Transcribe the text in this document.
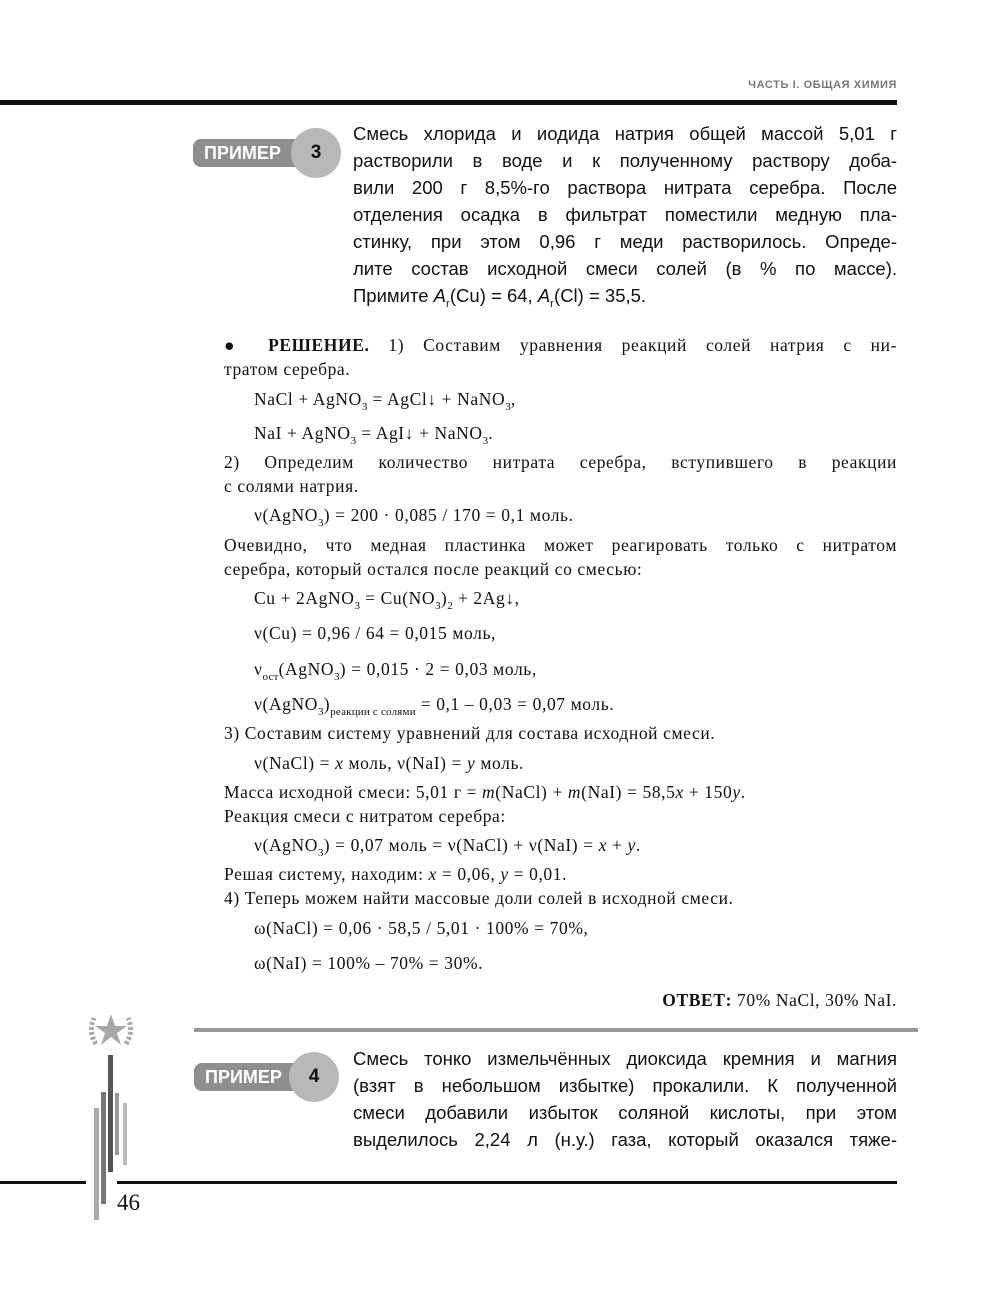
ЧАСТЬ I. ОБЩАЯ ХИМИЯ
ПРИМЕР	3
Смесь хлорида и иодида натрия общей массой 5,01 г
растворили в воде и к полученному раствору доба-
вили 200 г 8,5%-го раствора нитрата серебра. После
отделения осадка в фильтрат поместили медную пла-
стинку, при этом 0,96 г меди растворилось. Опреде-
лите состав исходной смеси солей (в % по массе).
Примите $A_r(Cu) = 64$, $A_r(Cl) = 35,5$.
● РЕШЕНИЕ. 1) Составим уравнения реакций солей натрия с ни-
тратом серебра.
NaCl + AgNO$_3$ = AgCl↓ + NaNO$_3$,
NaI + AgNO$_3$ = AgI↓ + NaNO$_3$.
2) Определим количество нитрата серебра, вступившего в реакции
с солями натрия.
ν(AgNO$_3$) = 200 · 0,085 / 170 = 0,1 моль.
Очевидно, что медная пластинка может реагировать только с нитратом
серебра, который остался после реакций со смесью:
Cu + 2AgNO$_3$ = $Cu(NO_3)_2$ + 2Ag↓,
ν(Cu) = 0,96 / 64 = 0,015 моль,
$\nu_{ост}(AgNO_3) = 0,015 \cdot 2 = 0,03$ моль,
$\nu(AgNO_3)_{реакции с солями} = 0,1 - 0,03 = 0,07$ моль.
3) Составим систему уравнений для состава исходной смеси.
ν(NaCl) = x моль, ν(NaI) = y моль.
Масса исходной смеси: 5,01 г = m(NaCl) + m(NaI) = 58,5x + 150y.
Реакция смеси с нитратом серебра:
ν(AgNO$_3$) = 0,07 моль = ν(NaCl) + ν(NaI) = x + y.
Решая систему, находим: x = 0,06, y = 0,01.
4) Теперь можем найти массовые доли солей в исходной смеси.
ω(NaCl) = 0,06 · 58,5 / 5,01 · 100% = 70%,
ω(NaI) = 100% – 70% = 30%.
ОТВЕТ: 70% NaCl, 30% NaI.
ПРИМЕР	4
Смесь тонко измельчённых диоксида кремния и магния
(взят в небольшом избытке) прокалили. К полученной
смеси добавили избыток соляной кислоты, при этом
выделилось 2,24 л (н.у.) газа, который оказался тяже-
46
